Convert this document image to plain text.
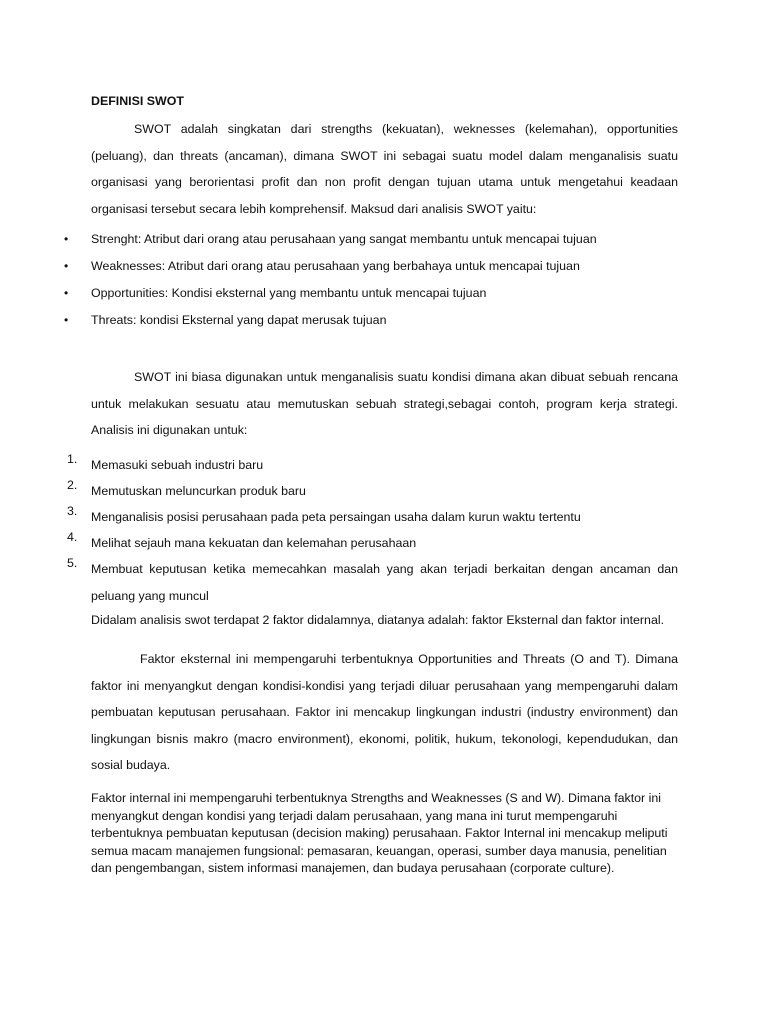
DEFINISI SWOT
SWOT adalah singkatan dari strengths (kekuatan), weknesses (kelemahan), opportunities (peluang), dan threats (ancaman), dimana SWOT ini sebagai suatu model dalam menganalisis suatu organisasi yang berorientasi profit dan non profit dengan tujuan utama untuk mengetahui keadaan organisasi tersebut secara lebih komprehensif. Maksud dari analisis SWOT yaitu:
• Strenght: Atribut dari orang atau perusahaan yang sangat membantu untuk mencapai tujuan
• Weaknesses: Atribut dari orang atau perusahaan yang berbahaya untuk mencapai tujuan
• Opportunities: Kondisi eksternal yang membantu untuk mencapai tujuan
• Threats: kondisi Eksternal yang dapat merusak tujuan
SWOT ini biasa digunakan untuk menganalisis suatu kondisi dimana akan dibuat sebuah rencana untuk melakukan sesuatu atau memutuskan sebuah strategi,sebagai contoh, program kerja strategi. Analisis ini digunakan untuk:
1. Memasuki sebuah industri baru
2. Memutuskan meluncurkan produk baru
3. Menganalisis posisi perusahaan pada peta persaingan usaha dalam kurun waktu tertentu
4. Melihat sejauh mana kekuatan dan kelemahan perusahaan
5. Membuat keputusan ketika memecahkan masalah yang akan terjadi berkaitan dengan ancaman dan peluang yang muncul
Didalam analisis swot terdapat 2 faktor didalamnya, diatanya adalah: faktor Eksternal dan faktor internal.
Faktor eksternal ini mempengaruhi terbentuknya Opportunities and Threats (O and T). Dimana faktor ini menyangkut dengan kondisi-kondisi yang terjadi diluar perusahaan yang mempengaruhi dalam pembuatan keputusan perusahaan. Faktor ini mencakup lingkungan industri (industry environment) dan lingkungan bisnis makro (macro environment), ekonomi, politik, hukum, tekonologi, kependudukan, dan sosial budaya.
Faktor internal ini mempengaruhi terbentuknya Strengths and Weaknesses (S and W). Dimana faktor ini menyangkut dengan kondisi yang terjadi dalam perusahaan, yang mana ini turut mempengaruhi terbentuknya pembuatan keputusan (decision making) perusahaan. Faktor Internal ini mencakup meliputi semua macam manajemen fungsional: pemasaran, keuangan, operasi, sumber daya manusia, penelitian dan pengembangan, sistem informasi manajemen, dan budaya perusahaan (corporate culture).
